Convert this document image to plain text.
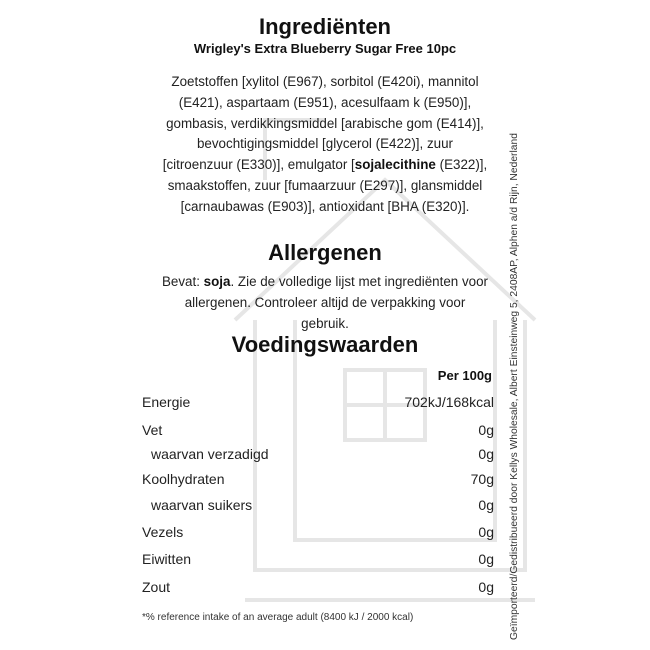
Ingrediënten
Wrigley's Extra Blueberry Sugar Free 10pc
Zoetstoffen [xylitol (E967), sorbitol (E420i), mannitol
(E421), aspartaam (E951), acesulfaam k (E950)],
gombasis, verdikkingsmiddel [arabische gom (E414)],
bevochtigingsmiddel [glycerol (E422)], zuur
[citroenzuur (E330)], emulgator [sojalecithine (E322)],
smaakstoffen, zuur [fumaarzuur (E297)], glansmiddel
[carnaubawas (E903)], antioxidant [BHA (E320)].
Allergenen
Bevat: soja. Zie de volledige lijst met ingrediënten voor
allergenen. Controleer altijd de verpakking voor
gebruik.
Voedingswaarden
Per 100g
Energie	702kJ/168kcal
Vet	0g
waarvan verzadigd	0g
Koolhydraten	70g
waarvan suikers	0g
Vezels	0g
Eiwitten	0g
Zout	0g
*% reference intake of an average adult (8400 kJ / 2000 kcal)	Geïmporteerd/Gedistribueerd door Kellys Wholesale, Albert Einsteinweg 5, 2408AP, Alphen a/d Rijn, Nederland
